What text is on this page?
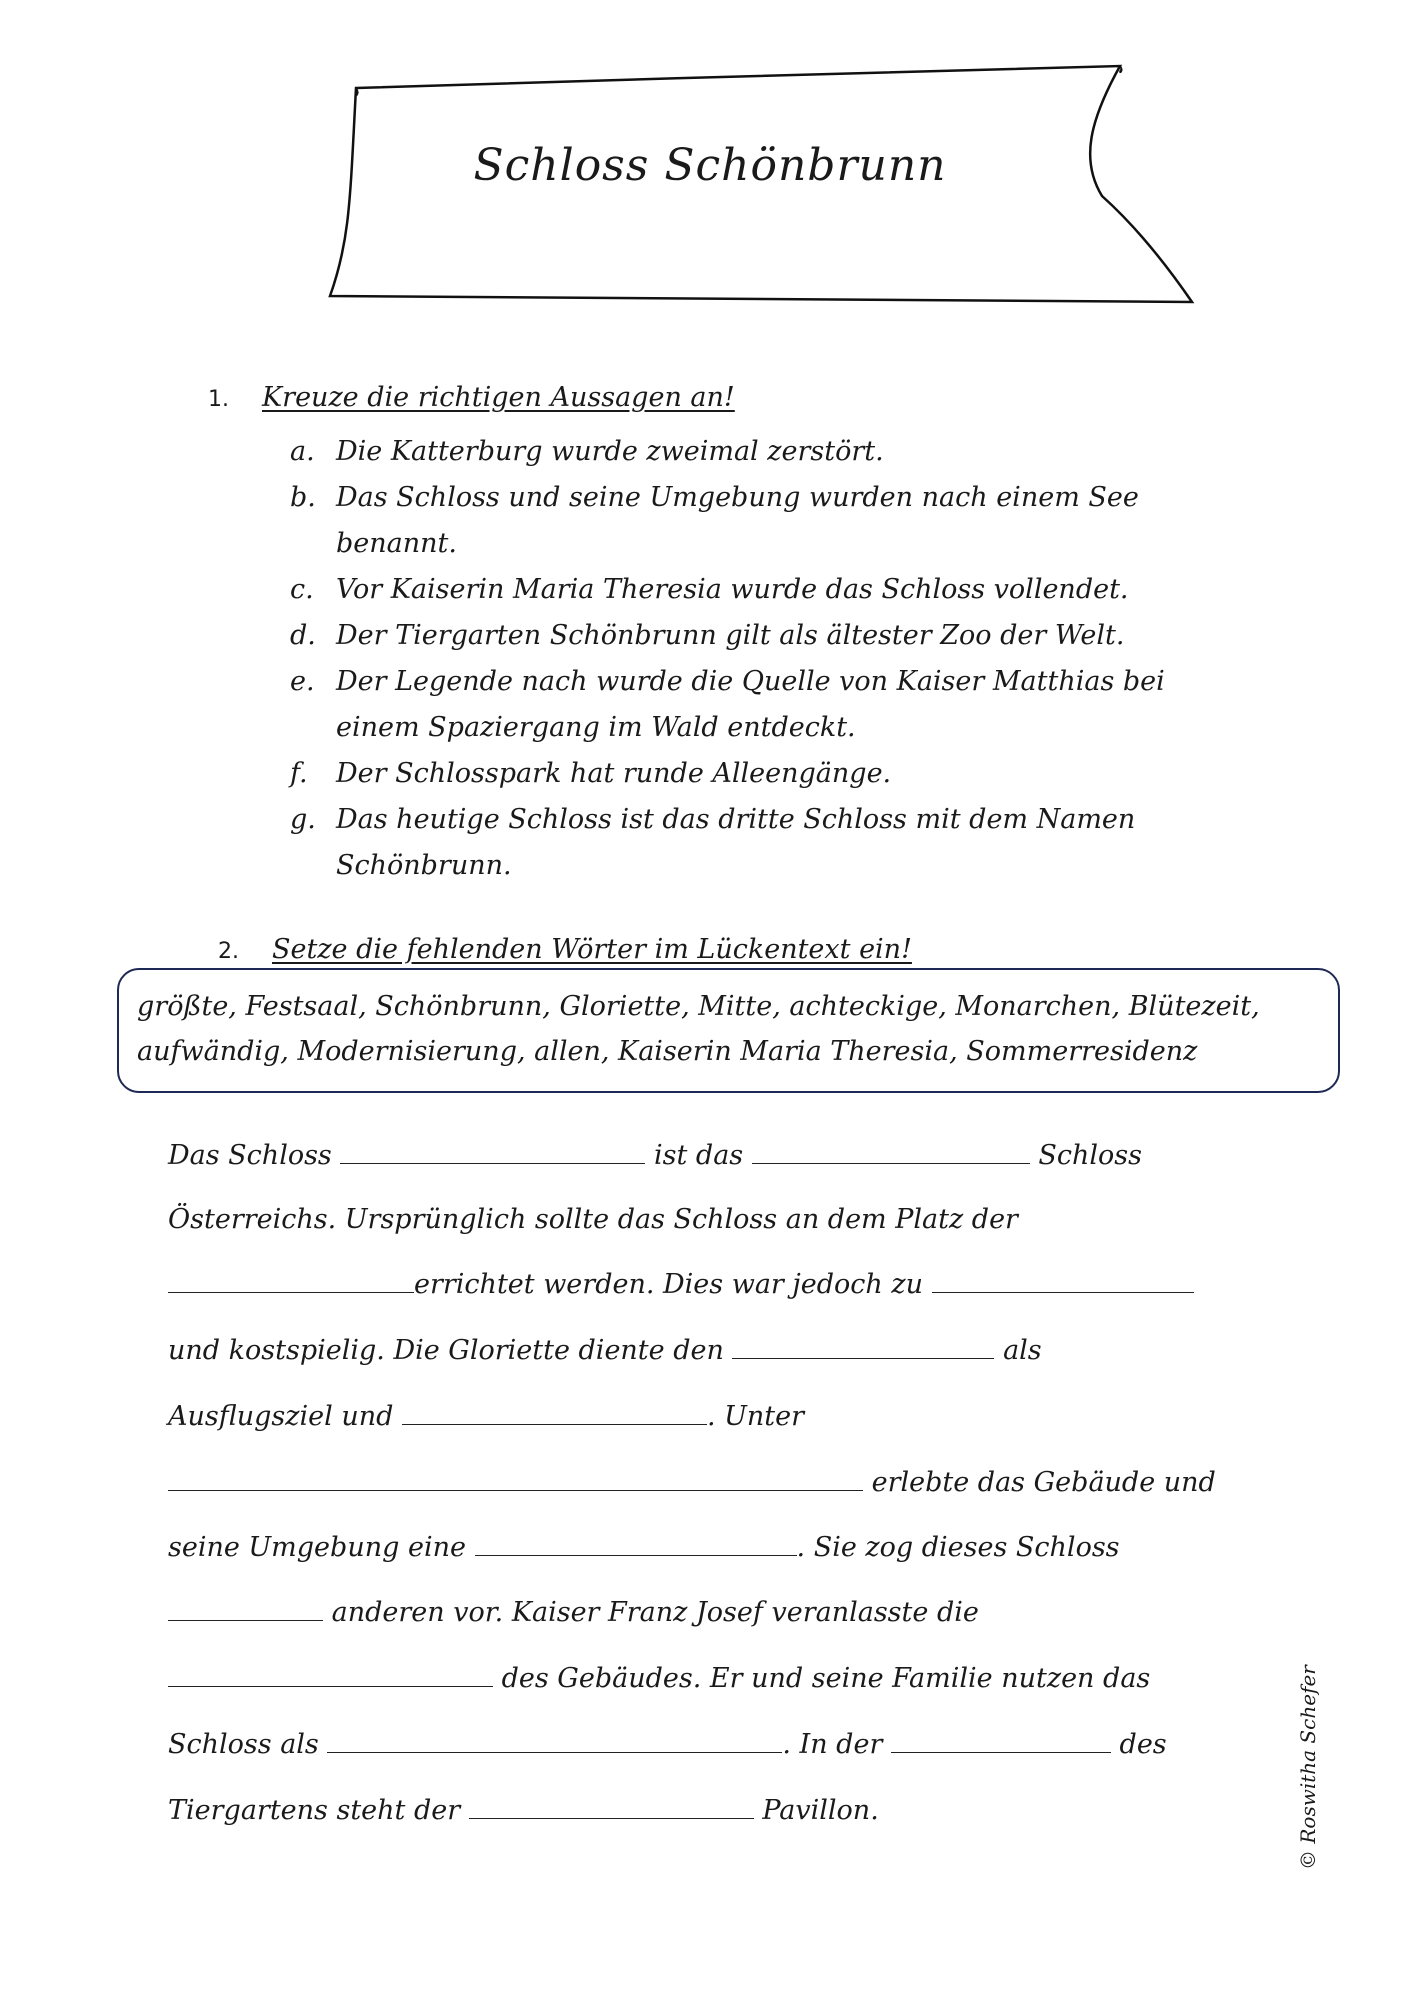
Schloss Schönbrunn
1. Kreuze die richtigen Aussagen an!
a. Die Katterburg wurde zweimal zerstört.
b. Das Schloss und seine Umgebung wurden nach einem See benannt.
c. Vor Kaiserin Maria Theresia wurde das Schloss vollendet.
d. Der Tiergarten Schönbrunn gilt als ältester Zoo der Welt.
e. Der Legende nach wurde die Quelle von Kaiser Matthias bei einem Spaziergang im Wald entdeckt.
f.	Der Schlosspark hat runde Alleengänge.
g. Das heutige Schloss ist das dritte Schloss mit dem Namen Schönbrunn.
2. Setze die fehlenden Wörter im Lückentext ein!
größte, Festsaal, Schönbrunn, Gloriette, Mitte, achteckige, Monarchen, Blütezeit,
aufwändig, Modernisierung, allen, Kaiserin Maria Theresia, Sommerresidenz
Das Schloss	ist das	Schloss
Österreichs. Ursprünglich sollte das Schloss an dem Platz der
errichtet werden. Dies war jedoch zu
und kostspielig. Die Gloriette diente den	als
Ausflugsziel und	. Unter
erlebte das Gebäude und
seine Umgebung eine	. Sie zog dieses Schloss
anderen vor. Kaiser Franz Josef veranlasste die
des Gebäudes. Er und seine Familie nutzen das
Schloss als	. In der	des
Tiergartens steht der	Pavillon.	© Roswitha Schefer
